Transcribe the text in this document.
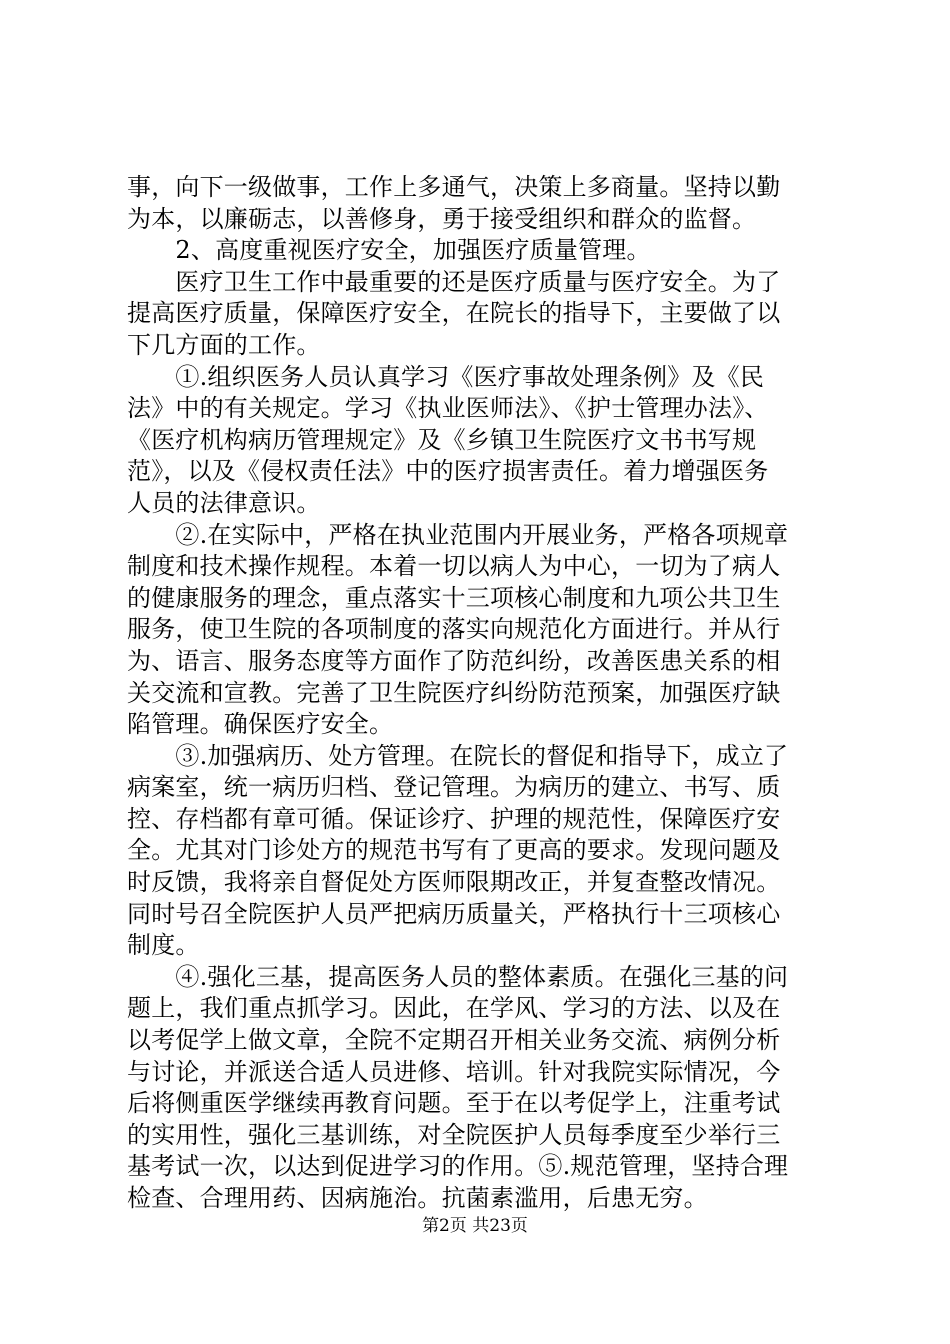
事，向下一级做事，工作上多通气，决策上多商量。坚持以勤
为本，以廉砺志，以善修身，勇于接受组织和群众的监督。
　　2、高度重视医疗安全，加强医疗质量管理。
　　医疗卫生工作中最重要的还是医疗质量与医疗安全。为了
提高医疗质量，保障医疗安全，在院长的指导下，主要做了以
下几方面的工作。
　　①.组织医务人员认真学习《医疗事故处理条例》及《民
法》中的有关规定。学习《执业医师法》、《护士管理办法》、
《医疗机构病历管理规定》及《乡镇卫生院医疗文书书写规
范》，以及《侵权责任法》中的医疗损害责任。着力增强医务
人员的法律意识。
　　②.在实际中，严格在执业范围内开展业务，严格各项规章
制度和技术操作规程。本着一切以病人为中心，一切为了病人
的健康服务的理念，重点落实十三项核心制度和九项公共卫生
服务，使卫生院的各项制度的落实向规范化方面进行。并从行
为、语言、服务态度等方面作了防范纠纷，改善医患关系的相
关交流和宣教。完善了卫生院医疗纠纷防范预案，加强医疗缺
陷管理。确保医疗安全。
　　③.加强病历、处方管理。在院长的督促和指导下，成立了
病案室，统一病历归档、登记管理。为病历的建立、书写、质
控、存档都有章可循。保证诊疗、护理的规范性，保障医疗安
全。尤其对门诊处方的规范书写有了更高的要求。发现问题及
时反馈，我将亲自督促处方医师限期改正，并复查整改情况。
同时号召全院医护人员严把病历质量关，严格执行十三项核心
制度。
　　④.强化三基，提高医务人员的整体素质。在强化三基的问
题上，我们重点抓学习。因此，在学风、学习的方法、以及在
以考促学上做文章，全院不定期召开相关业务交流、病例分析
与讨论，并派送合适人员进修、培训。针对我院实际情况，今
后将侧重医学继续再教育问题。至于在以考促学上，注重考试
的实用性，强化三基训练，对全院医护人员每季度至少举行三
基考试一次，以达到促进学习的作用。⑤.规范管理，坚持合理
检查、合理用药、因病施治。抗菌素滥用，后患无穷。
第2页 共23页
